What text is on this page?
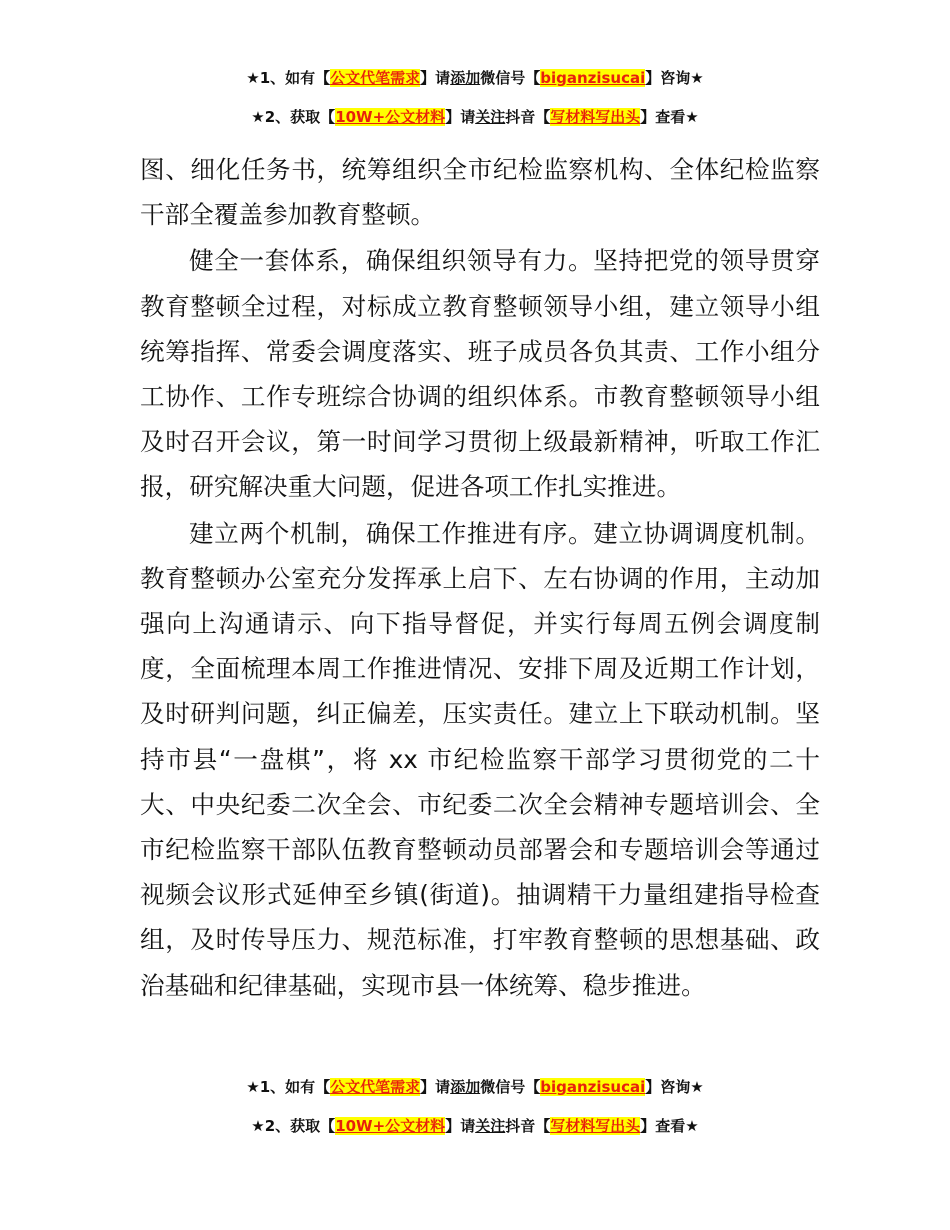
★1、如有【公文代笔需求】请添加微信号【biganzisucai】咨询★
★2、获取【10W+公文材料】请关注抖音【写材料写出头】查看★

图、细化任务书，统筹组织全市纪检监察机构、全体纪检监察干部全覆盖参加教育整顿。

健全一套体系，确保组织领导有力。坚持把党的领导贯穿教育整顿全过程，对标成立教育整顿领导小组，建立领导小组统筹指挥、常委会调度落实、班子成员各负其责、工作小组分工协作、工作专班综合协调的组织体系。市教育整顿领导小组及时召开会议，第一时间学习贯彻上级最新精神，听取工作汇报，研究解决重大问题，促进各项工作扎实推进。

建立两个机制，确保工作推进有序。建立协调调度机制。教育整顿办公室充分发挥承上启下、左右协调的作用，主动加强向上沟通请示、向下指导督促，并实行每周五例会调度制度，全面梳理本周工作推进情况、安排下周及近期工作计划，及时研判问题，纠正偏差，压实责任。建立上下联动机制。坚持市县“一盘棋”，将 xx 市纪检监察干部学习贯彻党的二十大、中央纪委二次全会、市纪委二次全会精神专题培训会、全市纪检监察干部队伍教育整顿动员部署会和专题培训会等通过视频会议形式延伸至乡镇(街道)。抽调精干力量组建指导检查组，及时传导压力、规范标准，打牢教育整顿的思想基础、政治基础和纪律基础，实现市县一体统筹、稳步推进。

★1、如有【公文代笔需求】请添加微信号【biganzisucai】咨询★
★2、获取【10W+公文材料】请关注抖音【写材料写出头】查看★
